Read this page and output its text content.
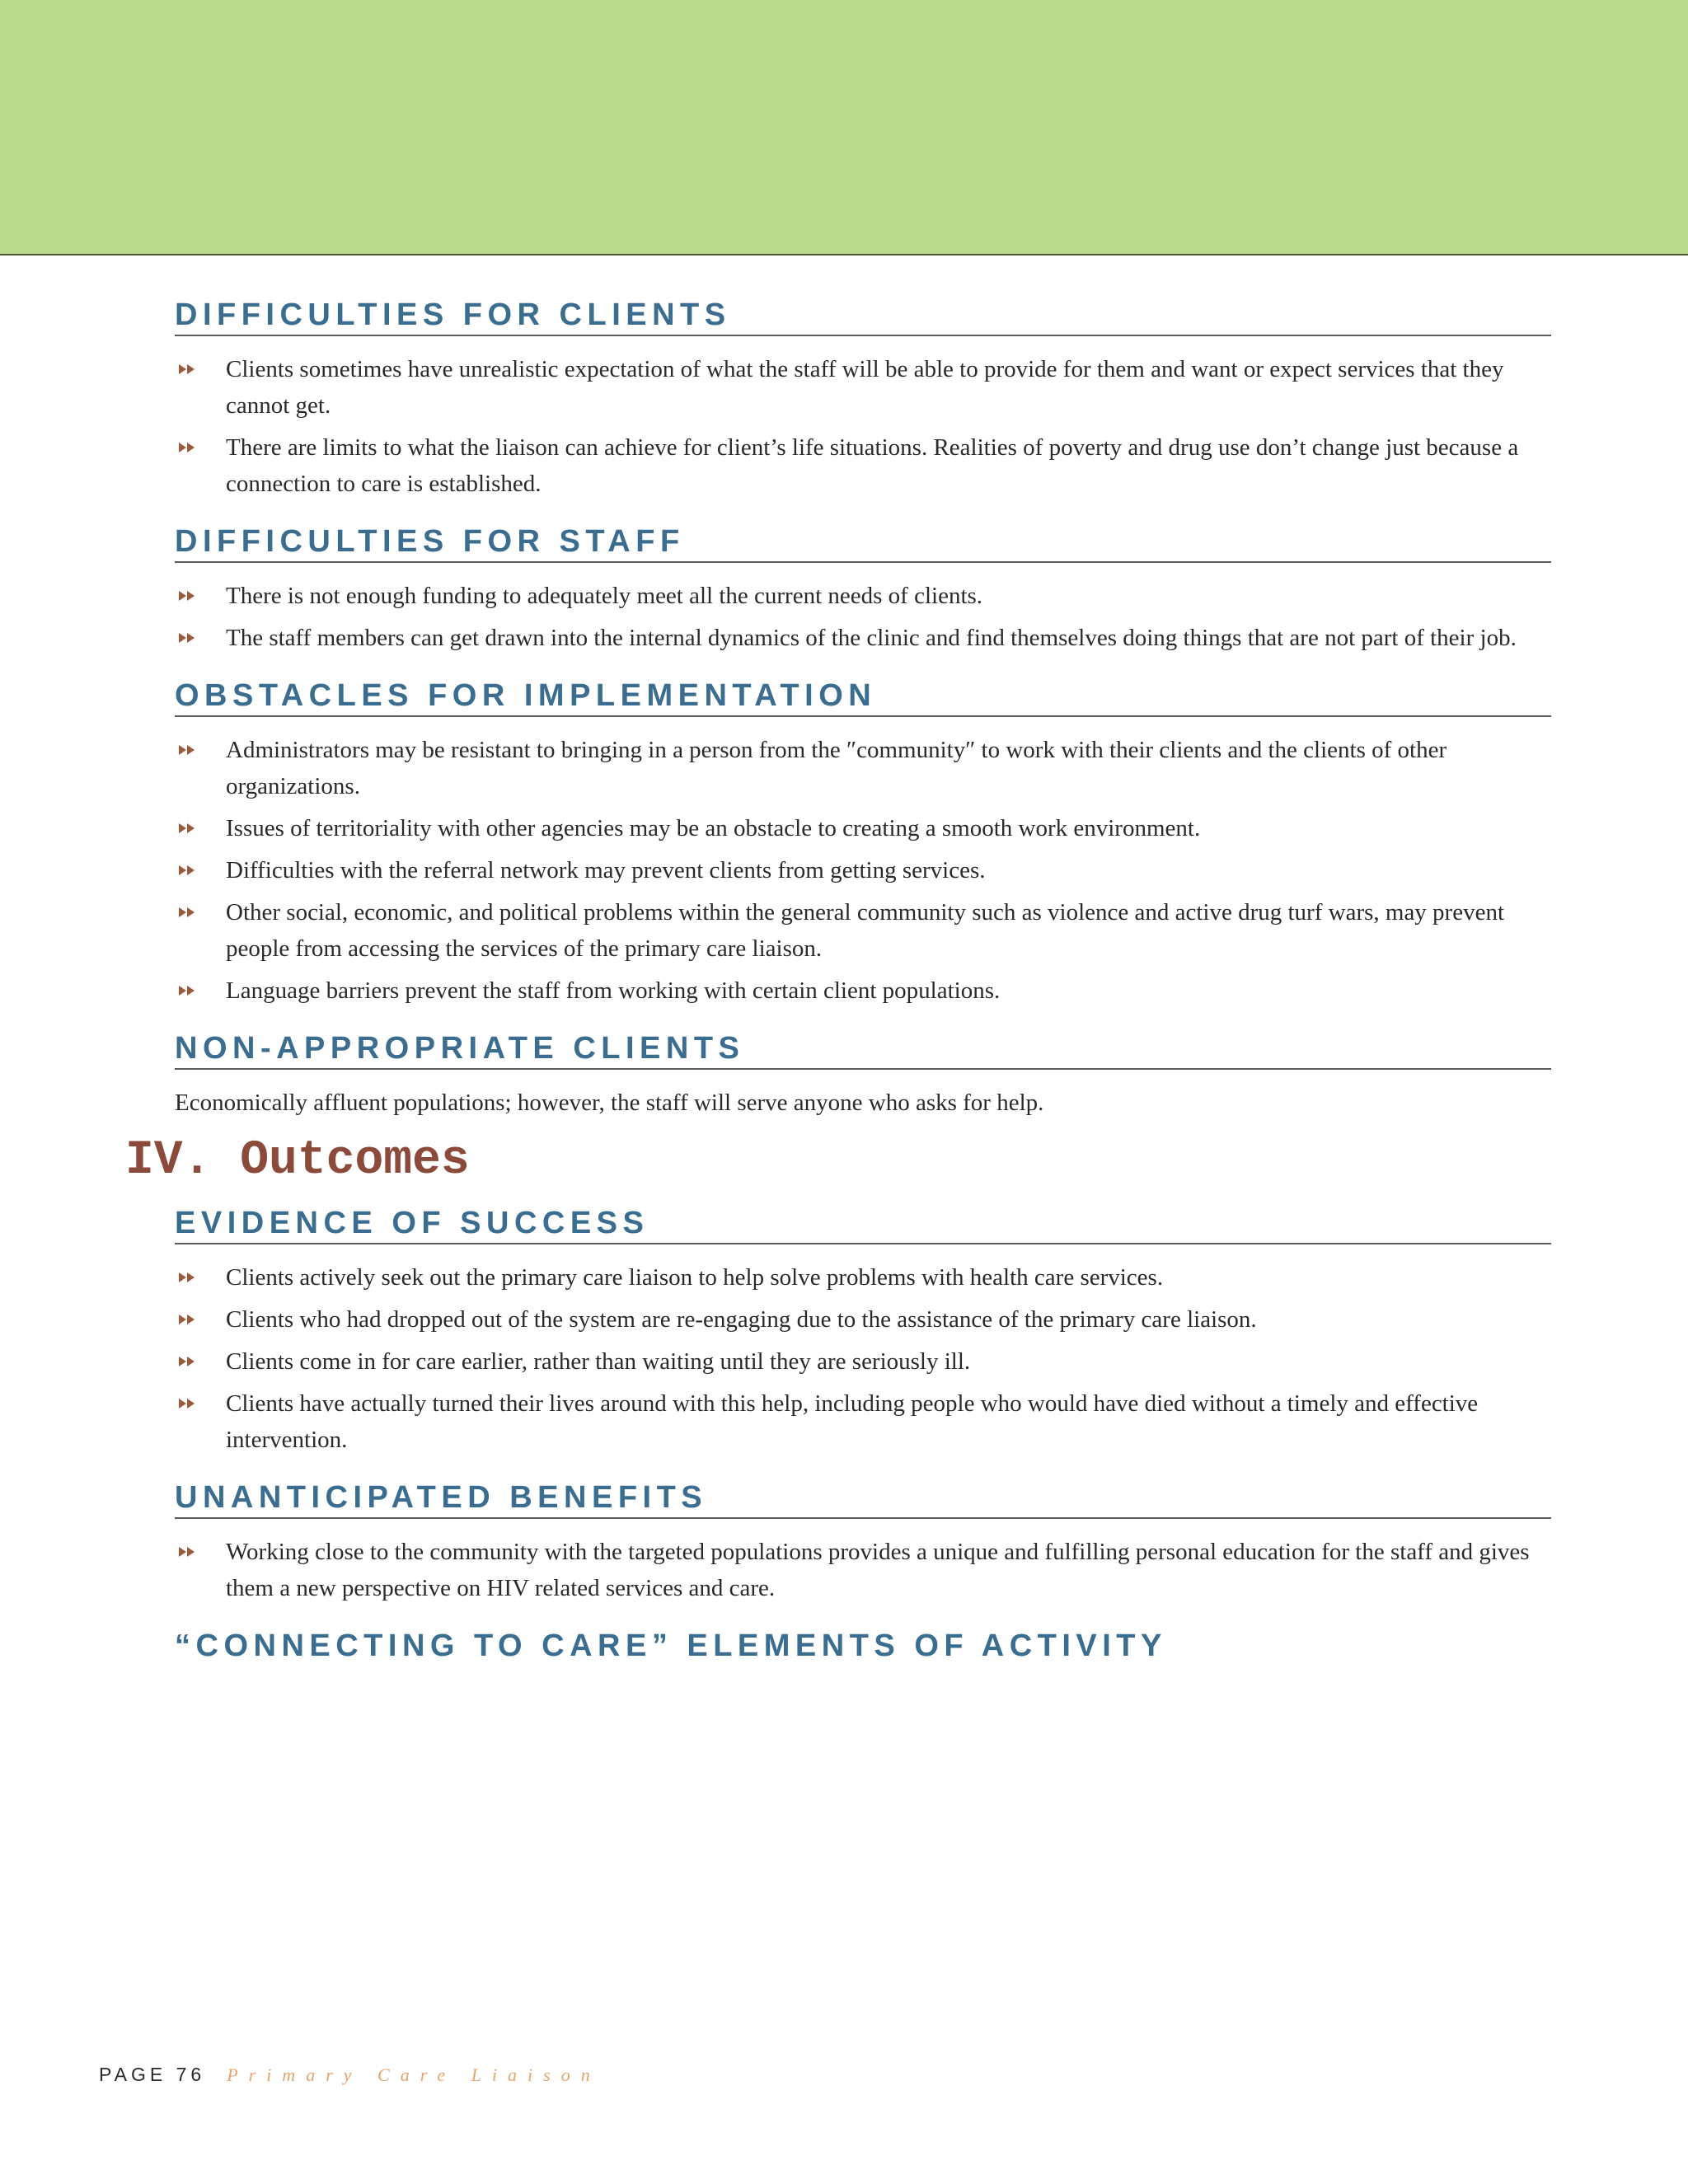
DIFFICULTIES FOR CLIENTS
Clients sometimes have unrealistic expectation of what the staff will be able to provide for them and want or expect services that they cannot get.
There are limits to what the liaison can achieve for client’s life situations. Realities of poverty and drug use don’t change just because a connection to care is established.
DIFFICULTIES FOR STAFF
There is not enough funding to adequately meet all the current needs of clients.
The staff members can get drawn into the internal dynamics of the clinic and find themselves doing things that are not part of their job.
OBSTACLES FOR IMPLEMENTATION
Administrators may be resistant to bringing in a person from the ″community″ to work with their clients and the clients of other organizations.
Issues of territoriality with other agencies may be an obstacle to creating a smooth work environment.
Difficulties with the referral network may prevent clients from getting services.
Other social, economic, and political problems within the general community such as violence and active drug turf wars, may prevent people from accessing the services of the primary care liaison.
Language barriers prevent the staff from working with certain client populations.
NON-APPROPRIATE CLIENTS

Economically affluent populations; however, the staff will serve anyone who asks for help.

IV. Outcomes
EVIDENCE OF SUCCESS
Clients actively seek out the primary care liaison to help solve problems with health care services.
Clients who had dropped out of the system are re-engaging due to the assistance of the primary care liaison.
Clients come in for care earlier, rather than waiting until they are seriously ill.
Clients have actually turned their lives around with this help, including people who would have died without a timely and effective intervention.
UNANTICIPATED BENEFITS
Working close to the community with the targeted populations provides a unique and fulfilling personal education for the staff and gives them a new perspective on HIV related services and care.
“CONNECTING TO CARE” ELEMENTS OF ACTIVITY
PAGE 76 Primary Care Liaison
